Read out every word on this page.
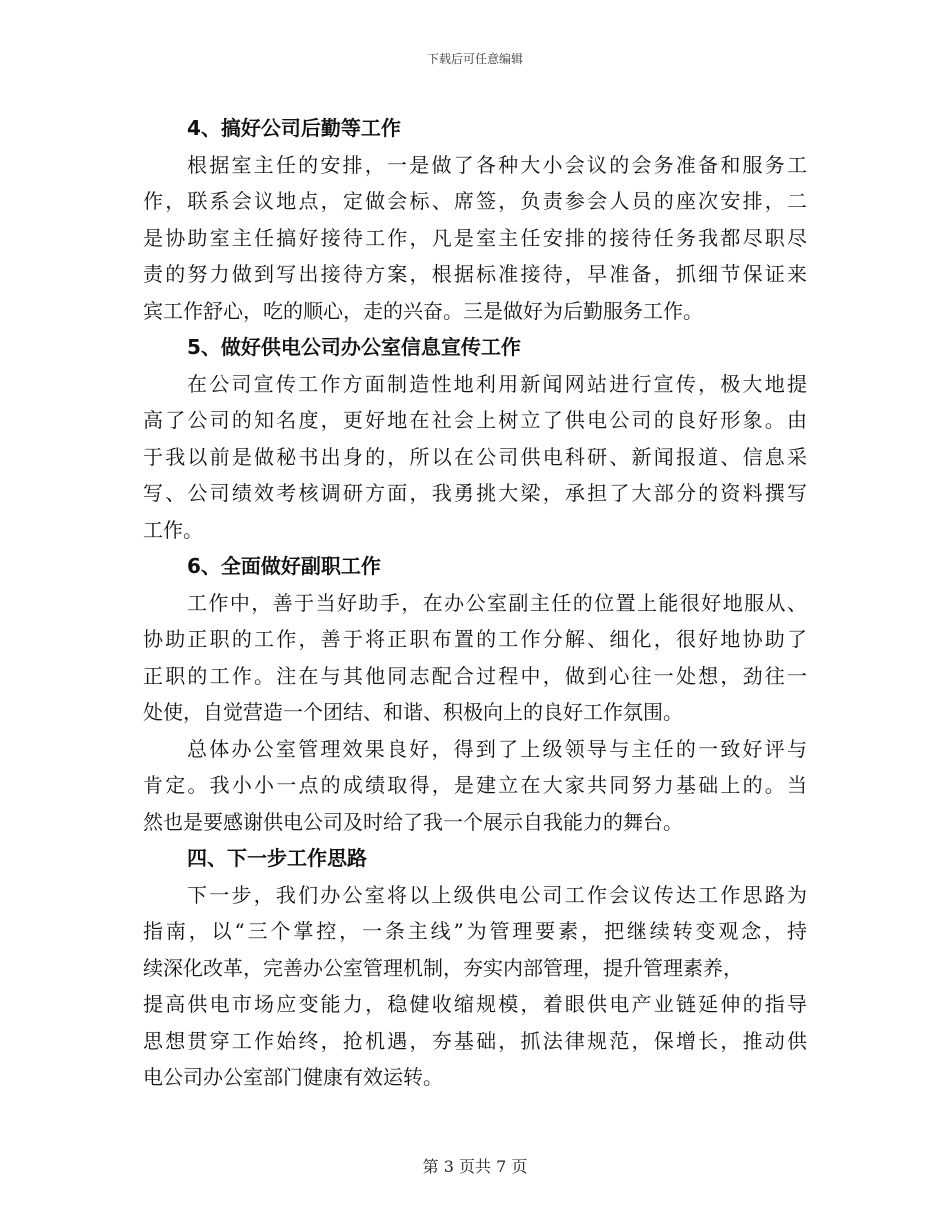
下载后可任意编辑
4、搞好公司后勤等工作
根据室主任的安排，一是做了各种大小会议的会务准备和服务工
作，联系会议地点，定做会标、席签，负责参会人员的座次安排，二
是协助室主任搞好接待工作，凡是室主任安排的接待任务我都尽职尽
责的努力做到写出接待方案，根据标准接待，早准备，抓细节保证来
宾工作舒心，吃的顺心，走的兴奋。三是做好为后勤服务工作。
5、做好供电公司办公室信息宣传工作
在公司宣传工作方面制造性地利用新闻网站进行宣传，极大地提
高了公司的知名度，更好地在社会上树立了供电公司的良好形象。由
于我以前是做秘书出身的，所以在公司供电科研、新闻报道、信息采
写、公司绩效考核调研方面，我勇挑大梁，承担了大部分的资料撰写
工作。
6、全面做好副职工作
工作中，善于当好助手，在办公室副主任的位置上能很好地服从、
协助正职的工作，善于将正职布置的工作分解、细化，很好地协助了
正职的工作。注在与其他同志配合过程中，做到心往一处想，劲往一
处使，自觉营造一个团结、和谐、积极向上的良好工作氛围。
总体办公室管理效果良好，得到了上级领导与主任的一致好评与
肯定。我小小一点的成绩取得，是建立在大家共同努力基础上的。当
然也是要感谢供电公司及时给了我一个展示自我能力的舞台。
四、下一步工作思路
下一步，我们办公室将以上级供电公司工作会议传达工作思路为
指南，以“三个掌控，一条主线”为管理要素，把继续转变观念，持
续深化改革，完善办公室管理机制，夯实内部管理，提升管理素养，
提高供电市场应变能力，稳健收缩规模，着眼供电产业链延伸的指导
思想贯穿工作始终，抢机遇，夯基础，抓法律规范，保增长，推动供
电公司办公室部门健康有效运转。
第 3 页共 7 页
